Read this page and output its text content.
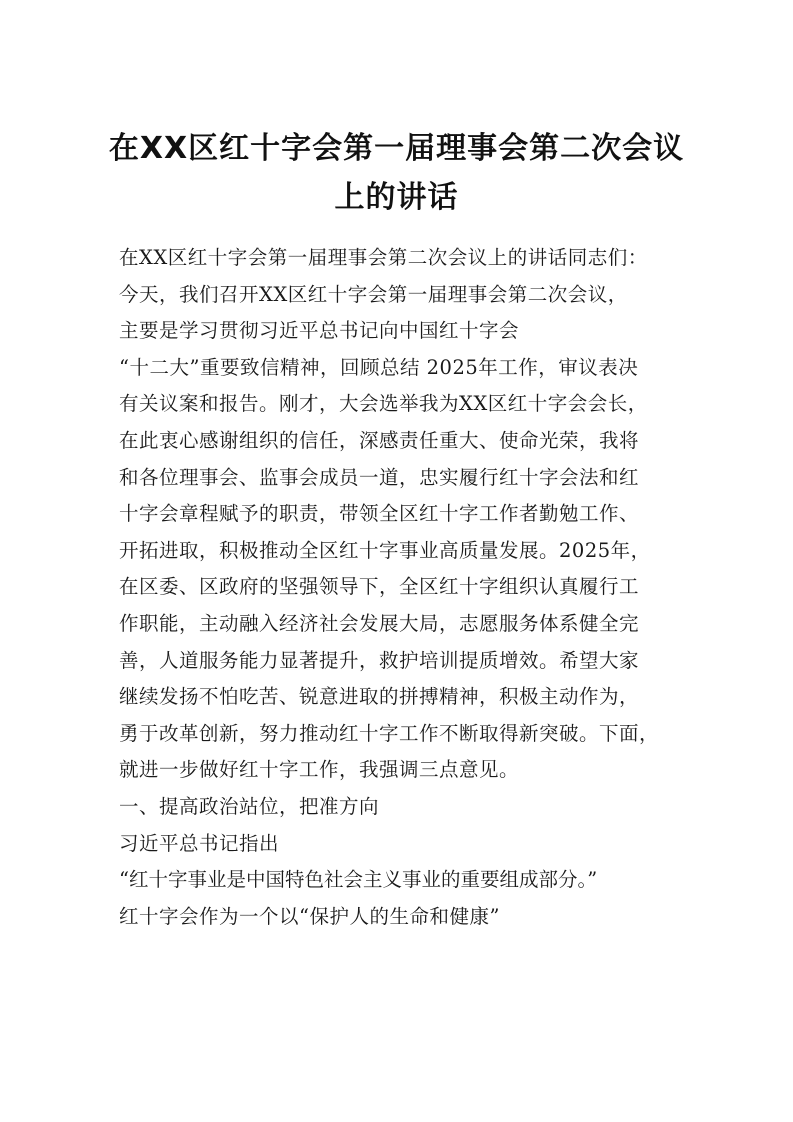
在XX区红十字会第一届理事会第二次会议
上的讲话
在XX区红十字会第一届理事会第二次会议上的讲话同志们：
今天，我们召开XX区红十字会第一届理事会第二次会议，
主要是学习贯彻习近平总书记向中国红十字会
“十二大”重要致信精神，回顾总结 2025年工作，审议表决
有关议案和报告。刚才，大会选举我为XX区红十字会会长，
在此衷心感谢组织的信任，深感责任重大、使命光荣，我将
和各位理事会、监事会成员一道，忠实履行红十字会法和红
十字会章程赋予的职责，带领全区红十字工作者勤勉工作、
开拓进取，积极推动全区红十字事业高质量发展。2025年，
在区委、区政府的坚强领导下，全区红十字组织认真履行工
作职能，主动融入经济社会发展大局，志愿服务体系健全完
善，人道服务能力显著提升，救护培训提质增效。希望大家
继续发扬不怕吃苦、锐意进取的拼搏精神，积极主动作为，
勇于改革创新，努力推动红十字工作不断取得新突破。下面，
就进一步做好红十字工作，我强调三点意见。
一、提高政治站位，把准方向
习近平总书记指出
“红十字事业是中国特色社会主义事业的重要组成部分。”
红十字会作为一个以“保护人的生命和健康”
